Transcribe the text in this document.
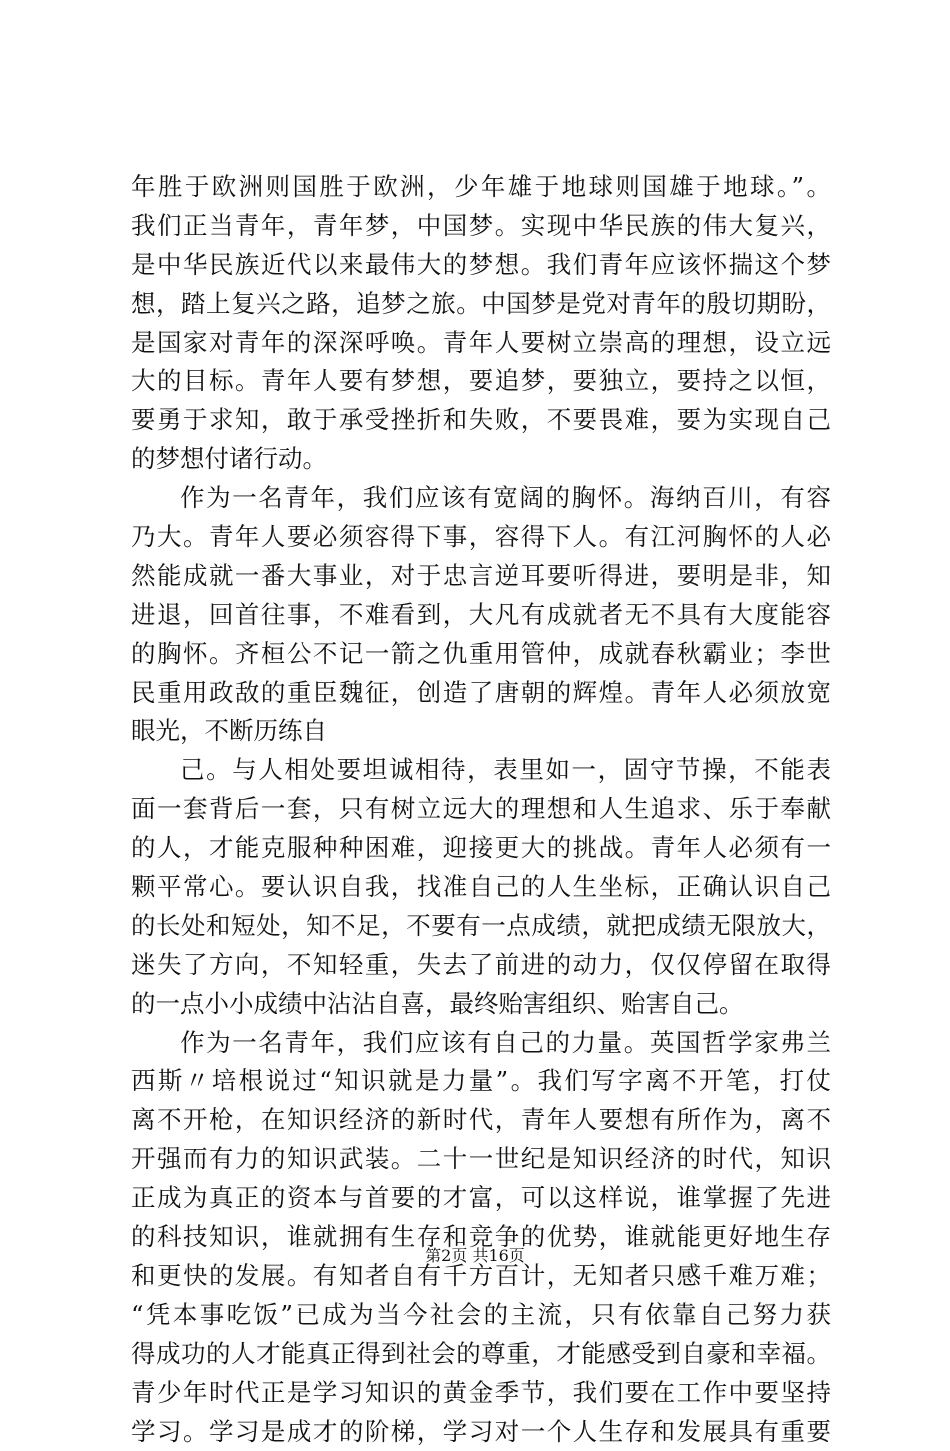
年胜于欧洲则国胜于欧洲，少年雄于地球则国雄于地球。”。
我们正当青年，青年梦，中国梦。实现中华民族的伟大复兴，
是中华民族近代以来最伟大的梦想。我们青年应该怀揣这个梦
想，踏上复兴之路，追梦之旅。中国梦是党对青年的殷切期盼，
是国家对青年的深深呼唤。青年人要树立崇高的理想，设立远
大的目标。青年人要有梦想，要追梦，要独立，要持之以恒，
要勇于求知，敢于承受挫折和失败，不要畏难，要为实现自己
的梦想付诸行动。
作为一名青年，我们应该有宽阔的胸怀。海纳百川，有容
乃大。青年人要必须容得下事，容得下人。有江河胸怀的人必
然能成就一番大事业，对于忠言逆耳要听得进，要明是非，知
进退，回首往事，不难看到，大凡有成就者无不具有大度能容
的胸怀。齐桓公不记一箭之仇重用管仲，成就春秋霸业；李世
民重用政敌的重臣魏征，创造了唐朝的辉煌。青年人必须放宽
眼光，不断历练自
己。与人相处要坦诚相待，表里如一，固守节操，不能表
面一套背后一套，只有树立远大的理想和人生追求、乐于奉献
的人，才能克服种种困难，迎接更大的挑战。青年人必须有一
颗平常心。要认识自我，找准自己的人生坐标，正确认识自己
的长处和短处，知不足，不要有一点成绩，就把成绩无限放大，
迷失了方向，不知轻重，失去了前进的动力，仅仅停留在取得
的一点小小成绩中沾沾自喜，最终贻害组织、贻害自己。
作为一名青年，我们应该有自己的力量。英国哲学家弗兰
西斯〃培根说过“知识就是力量”。我们写字离不开笔，打仗
离不开枪，在知识经济的新时代，青年人要想有所作为，离不
开强而有力的知识武装。二十一世纪是知识经济的时代，知识
正成为真正的资本与首要的才富，可以这样说，谁掌握了先进
的科技知识，谁就拥有生存和竞争的优势，谁就能更好地生存
和更快的发展。有知者自有千方百计，无知者只感千难万难；
“凭本事吃饭”已成为当今社会的主流，只有依靠自己努力获
得成功的人才能真正得到社会的尊重，才能感受到自豪和幸福。
青少年时代正是学习知识的黄金季节，我们要在工作中要坚持
学习。学习是成才的阶梯，学习对一个人生存和发展具有重要
第2页 共16页
